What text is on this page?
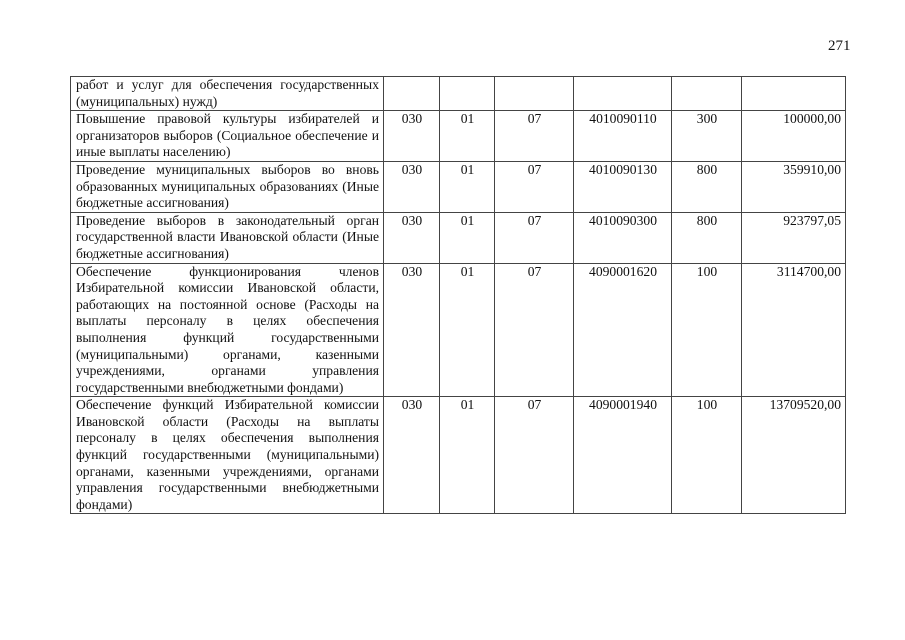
271
работ и услуг для обеспечения государственных (муниципальных) нужд)						
Повышение правовой культуры избирателей и организаторов выборов (Социальное обеспечение и иные выплаты населению)	030	01	07	4010090110	300	100000,00
Проведение муниципальных выборов во вновь образованных муниципальных образованиях (Иные бюджетные ассигнования)	030	01	07	4010090130	800	359910,00
Проведение выборов в законодательный орган государственной власти Ивановской области (Иные бюджетные ассигнования)	030	01	07	4010090300	800	923797,05
Обеспечение функционирования членов Избирательной комиссии Ивановской области, работающих на постоянной основе (Расходы на выплаты персоналу в целях обеспечения выполнения функций государственными (муниципальными) органами, казенными учреждениями, органами управления государственными внебюджетными фондами)	030	01	07	4090001620	100	3114700,00
Обеспечение функций Избирательной комиссии Ивановской области (Расходы на выплаты персоналу в целях обеспечения выполнения функций государственными (муниципальными) органами, казенными учреждениями, органами управления государственными внебюджетными фондами)	030	01	07	4090001940	100	13709520,00
